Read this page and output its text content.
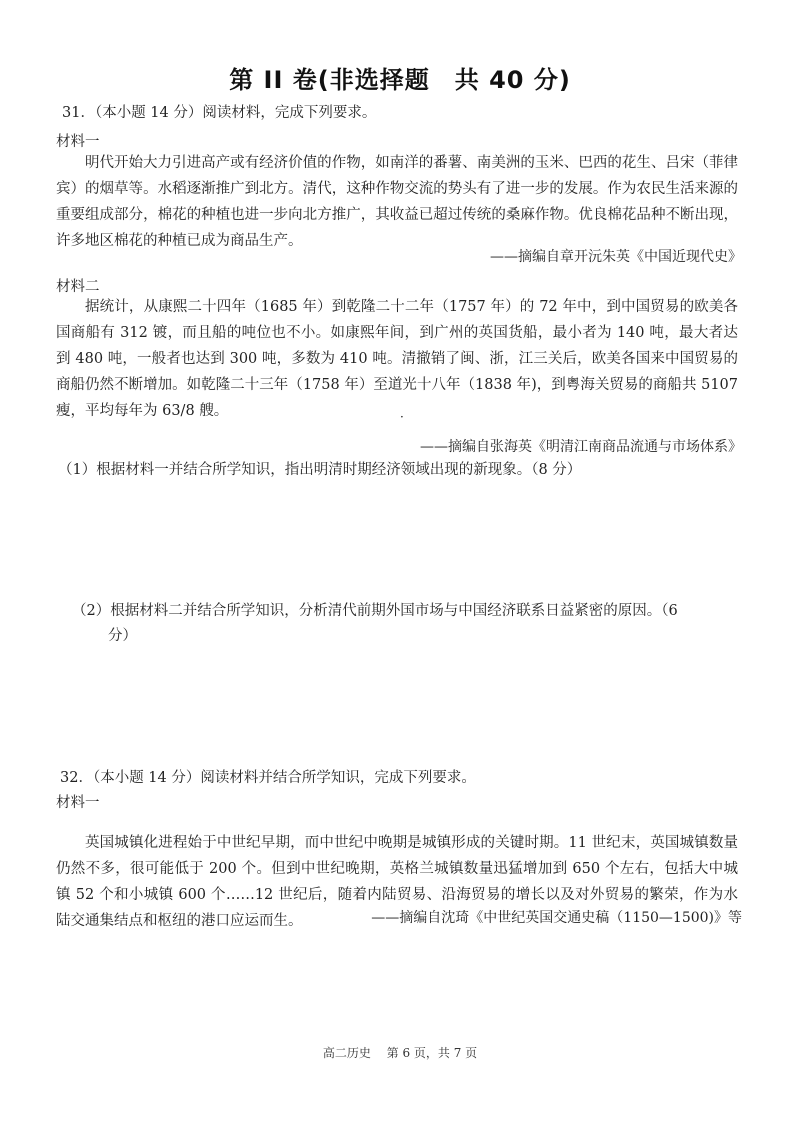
第 II 卷(非选择题　共 40 分)
31．（本小题 14 分）阅读材料，完成下列要求。
材料一

明代开始大力引进高产或有经济价值的作物，如南洋的番薯、南美洲的玉米、巴西的花生、吕宋（菲律宾）的烟草等。水稻逐渐推广到北方。清代，这种作物交流的势头有了进一步的发展。作为农民生活来源的重要组成部分，棉花的种植也进一步向北方推广，其收益已超过传统的桑麻作物。优良棉花品种不断出现，许多地区棉花的种植已成为商品生产。

——摘编自章开沅朱英《中国近现代史》
材料二

据统计，从康熙二十四年（1685 年）到乾隆二十二年（1757 年）的 72 年中，到中国贸易的欧美各国商船有 312 镀，而且船的吨位也不小。如康熙年间，到广州的英国货船，最小者为 140 吨，最大者达到 480 吨，一般者也达到 300 吨，多数为 410 吨。清撤销了闽、浙，江三关后，欧美各国来中国贸易的商船仍然不断增加。如乾隆二十三年（1758 年）至道光十八年（1838 年)，到粤海关贸易的商船共 5107 瘦，平均每年为 63/8 艘。	·
——摘编自张海英《明清江南商品流通与市场体系》
（1）根据材料一并结合所学知识，指出明清时期经济领域出现的新现象。（8 分）
（2）根据材料二并结合所学知识，分析清代前期外国市场与中国经济联系日益紧密的原因。（6
分）
32．（本小题 14 分）阅读材料并结合所学知识，完成下列要求。
材料一

英国城镇化进程始于中世纪早期，而中世纪中晚期是城镇形成的关键时期。11 世纪末，英国城镇数量仍然不多，很可能低于 200 个。但到中世纪晚期，英格兰城镇数量迅猛增加到 650 个左右，包括大中城镇 52 个和小城镇 600 个……12 世纪后，随着内陆贸易、沿海贸易的增长以及对外贸易的繁荣，作为水陆交通集结点和枢纽的港口应运而生。	——摘编自沈琦《中世纪英国交通史稿（1150—1500)》等
高二历史 第 6 页，共 7 页
